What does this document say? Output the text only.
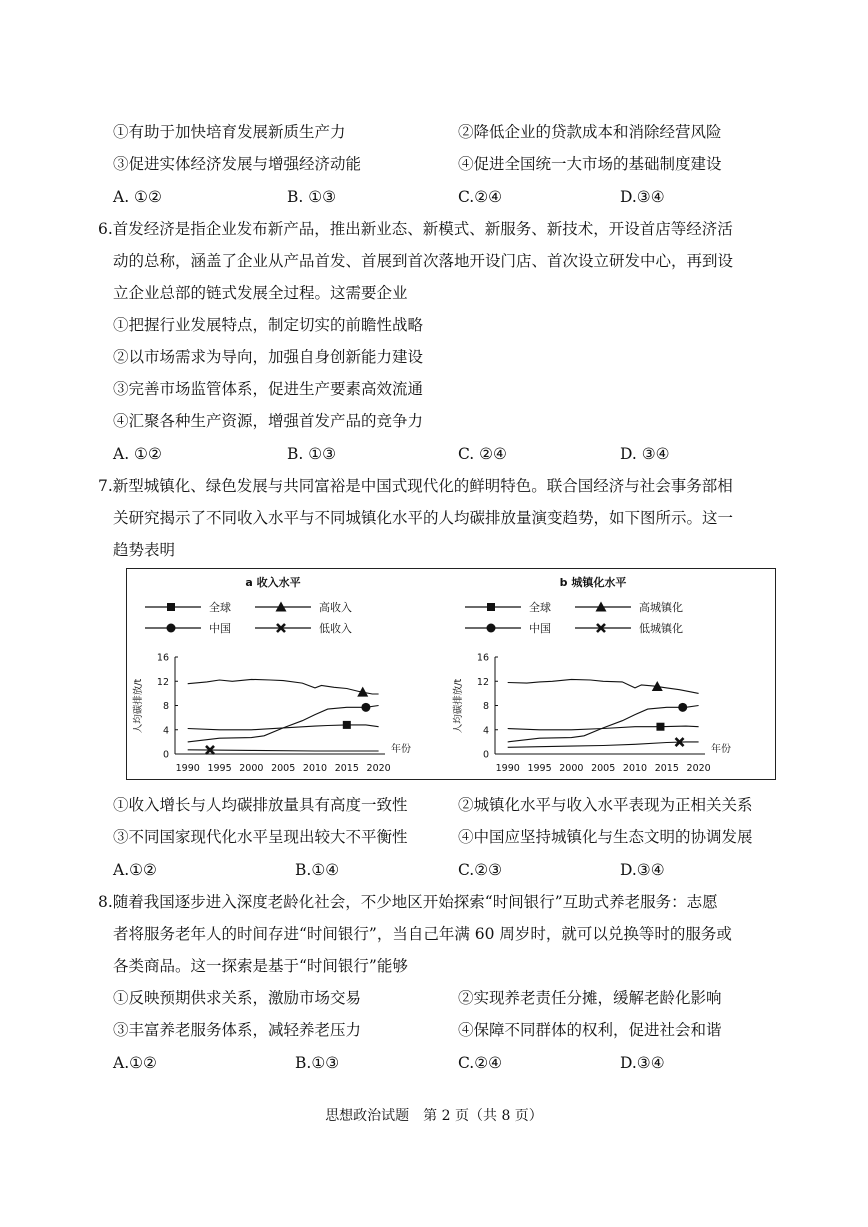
①有助于加快培育发展新质生产力	②降低企业的贷款成本和消除经营风险
③促进实体经济发展与增强经济动能	④促进全国统一大市场的基础制度建设
A. ①②	B. ①③	C.②④	D.③④
6.首发经济是指企业发布新产品，推出新业态、新模式、新服务、新技术，开设首店等经济活
动的总称，涵盖了企业从产品首发、首展到首次落地开设门店、首次设立研发中心，再到设
立企业总部的链式发展全过程。这需要企业
①把握行业发展特点，制定切实的前瞻性战略
②以市场需求为导向，加强自身创新能力建设
③完善市场监管体系，促进生产要素高效流通
④汇聚各种生产资源，增强首发产品的竞争力
A. ①②	B. ①③	C. ②④	D. ③④
7.新型城镇化、绿色发展与共同富裕是中国式现代化的鲜明特色。联合国经济与社会事务部相
关研究揭示了不同收入水平与不同城镇化水平的人均碳排放量演变趋势，如下图所示。这一
趋势表明
a 收入水平
全球	高收入
中国	低收入
0
4
8
12
16
人均碳排放/t
1990 1995 2000 2005 2010 2015 2020
年份
b 城镇化水平
全球	高城镇化
中国	低城镇化
0
4
8
12
16
人均碳排放/t
1990 1995 2000 2005 2010 2015 2020
年份
①收入增长与人均碳排放量具有高度一致性	②城镇化水平与收入水平表现为正相关关系
③不同国家现代化水平呈现出较大不平衡性	④中国应坚持城镇化与生态文明的协调发展
A.①②	B.①④	C.②③	D.③④
8.随着我国逐步进入深度老龄化社会，不少地区开始探索“时间银行”互助式养老服务：志愿
者将服务老年人的时间存进“时间银行”，当自己年满 60 周岁时，就可以兑换等时的服务或
各类商品。这一探索是基于“时间银行”能够
①反映预期供求关系，激励市场交易	②实现养老责任分摊，缓解老龄化影响
③丰富养老服务体系，减轻养老压力	④保障不同群体的权利，促进社会和谐
A.①②	B.①③	C.②④	D.③④
思想政治试题　第 2 页（共 8 页）
